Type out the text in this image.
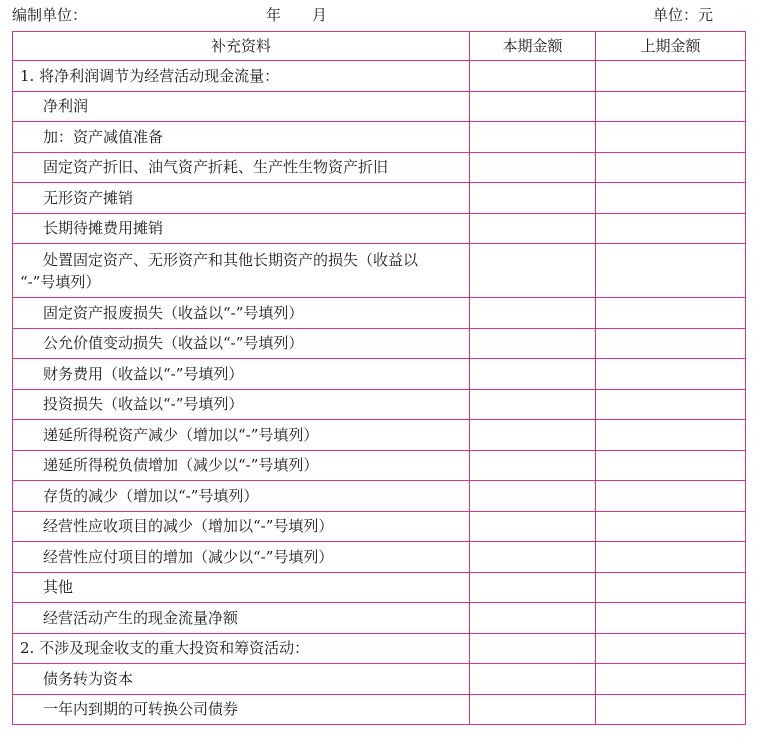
编制单位：	年 月	单位：元
补充资料	本期金额	上期金额
1. 将净利润调节为经营活动现金流量：		
净利润		
加：资产减值准备		
固定资产折旧、油气资产折耗、生产性生物资产折旧		
无形资产摊销		
长期待摊费用摊销		
处置固定资产、无形资产和其他长期资产的损失（收益以
“-”号填列）		

固定资产报废损失（收益以“-”号填列）		
公允价值变动损失（收益以“-”号填列）		
财务费用（收益以“-”号填列）		
投资损失（收益以“-”号填列）		
递延所得税资产减少（增加以“-”号填列）		
递延所得税负债增加（减少以“-”号填列）		
存货的减少（增加以“-”号填列）		
经营性应收项目的减少（增加以“-”号填列）		
经营性应付项目的增加（减少以“-”号填列）		
其他		
经营活动产生的现金流量净额		
2. 不涉及现金收支的重大投资和筹资活动：		
债务转为资本		
一年内到期的可转换公司债券		
